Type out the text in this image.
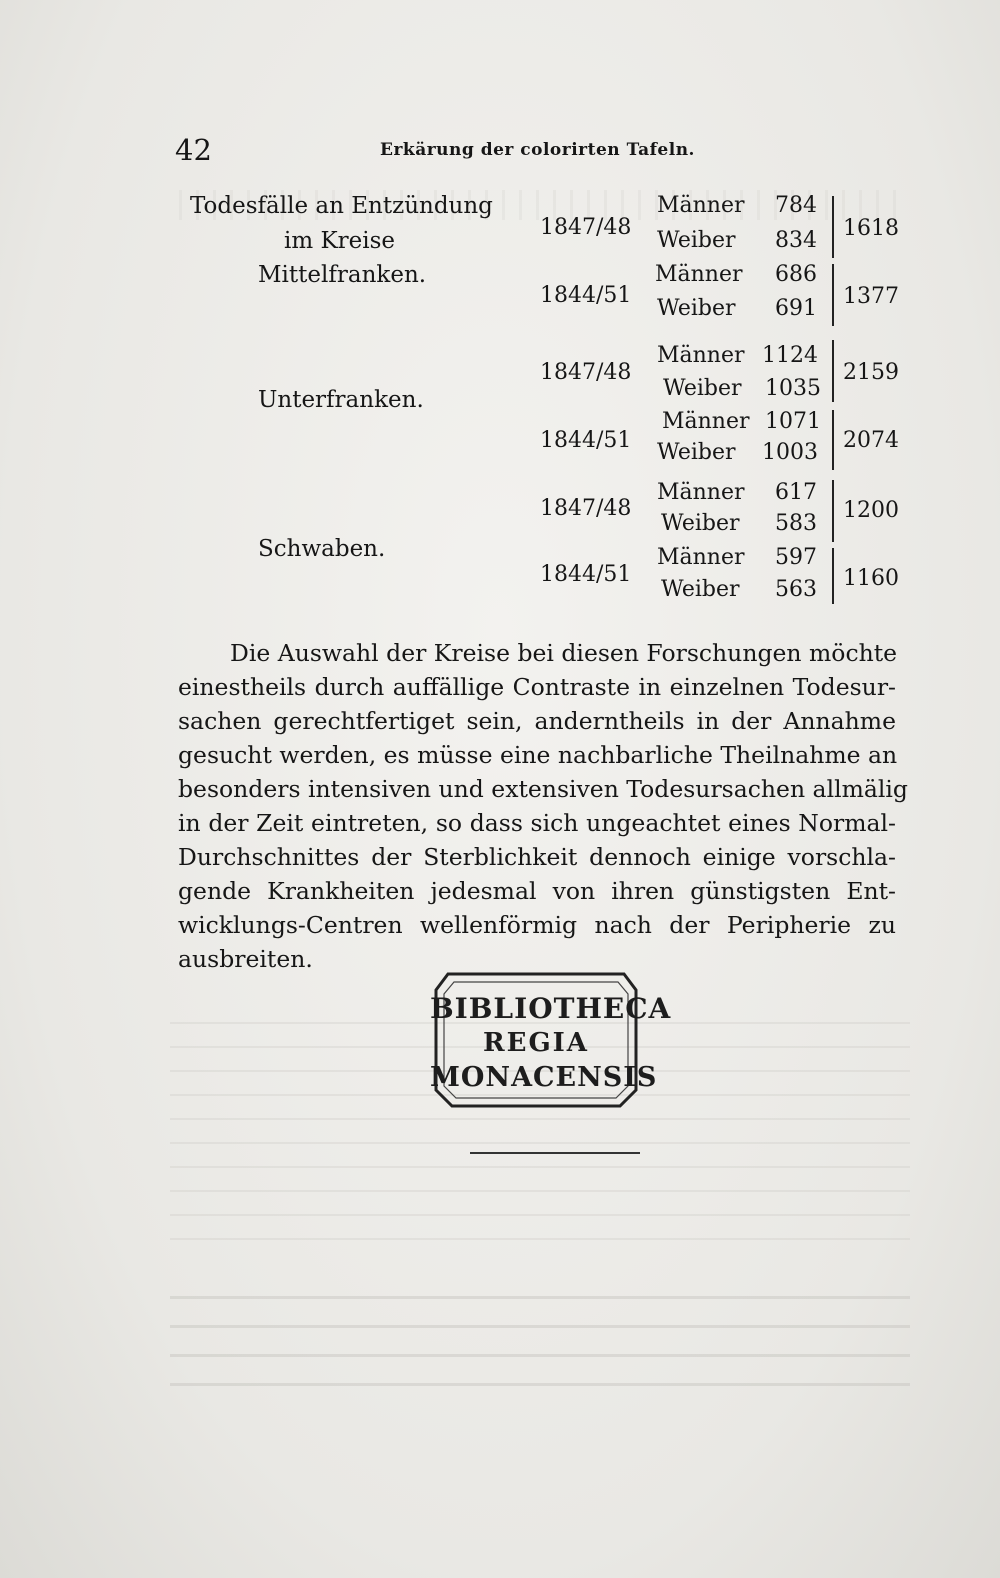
42	Erkärung der colorirten Tafeln.
Todesfälle an Entzündung
im Kreise
Mittelfranken.
1847/48
Männer 784
Weiber 834 1618
1844/51
Männer 686
Weiber 691 1377
Unterfranken.
1847/48
Männer 1124
Weiber 1035
2159
1844/51
Männer 1071
Weiber 1003 2074
Schwaben.
1847/48
Männer 617
Weiber 583
1200
1844/51
Männer 597
Weiber 563 1160
Die Auswahl der Kreise bei diesen Forschungen möchte
einestheils durch auffällige Contraste in einzelnen Todesur-
sachen gerechtfertiget sein, anderntheils in der Annahme
gesucht werden, es müsse eine nachbarliche Theilnahme an
besonders intensiven und extensiven Todesursachen allmälig
in der Zeit eintreten, so dass sich ungeachtet eines Normal-
Durchschnittes der Sterblichkeit dennoch einige vorschla-
gende Krankheiten jedesmal von ihren günstigsten Ent-
wicklungs-Centren wellenförmig nach der Peripherie zu
ausbreiten.
BIBLIOTHECA
REGIA
MONACENSIS
